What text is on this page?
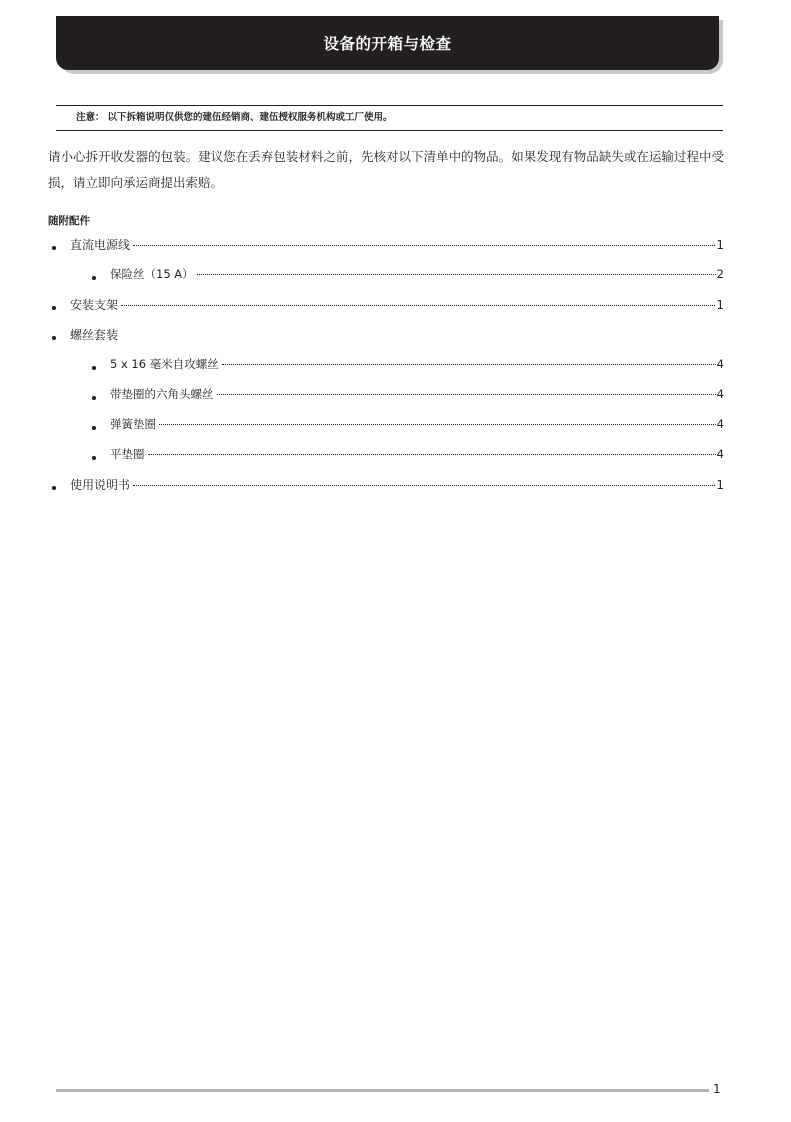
设备的开箱与检查
注意： 以下拆箱说明仅供您的建伍经销商、建伍授权服务机构或工厂使用。
请小心拆开收发器的包装。建议您在丢弃包装材料之前，先核对以下清单中的物品。如果发现有物品缺失或在运输过程中受损，请立即向承运商提出索赔。
随附配件
直流电源线	1
保险丝（15 A）	2
安装支架	1
螺丝套装
5 x 16 毫米自攻螺丝	4
带垫圈的六角头螺丝	4
弹簧垫圈	4
平垫圈	4
使用说明书	1
1
